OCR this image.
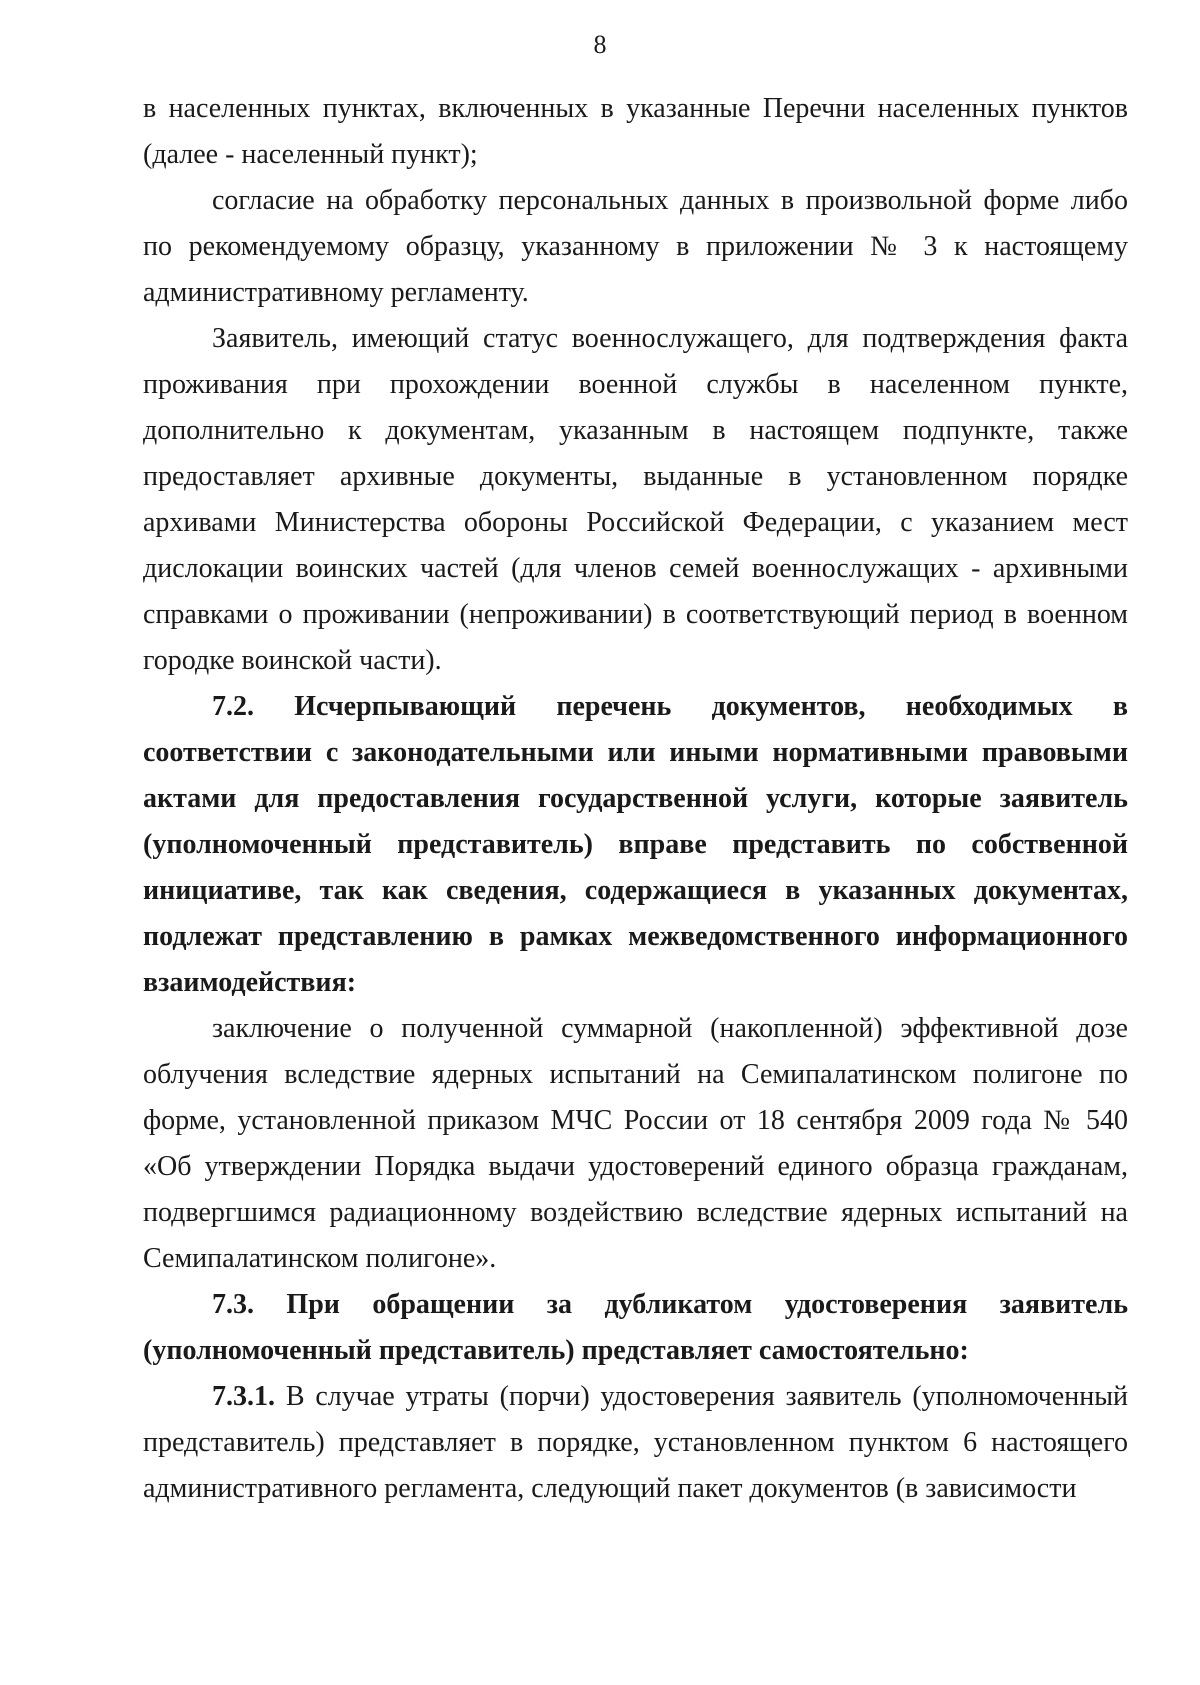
8

в населенных пунктах, включенных в указанные Перечни населенных пунктов (далее - населенный пункт);

согласие на обработку персональных данных в произвольной форме либо по рекомендуемому образцу, указанному в приложении № 3 к настоящему административному регламенту.

Заявитель, имеющий статус военнослужащего, для подтверждения факта проживания при прохождении военной службы в населенном пункте, дополнительно к документам, указанным в настоящем подпункте, также предоставляет архивные документы, выданные в установленном порядке архивами Министерства обороны Российской Федерации, с указанием мест дислокации воинских частей (для членов семей военнослужащих - архивными справками о проживании (непроживании) в соответствующий период в военном городке воинской части).

7.2. Исчерпывающий перечень документов, необходимых в соответствии с законодательными или иными нормативными правовыми актами для предоставления государственной услуги, которые заявитель (уполномоченный представитель) вправе представить по собственной инициативе, так как сведения, содержащиеся в указанных документах, подлежат представлению в рамках межведомственного информационного взаимодействия:

заключение о полученной суммарной (накопленной) эффективной дозе облучения вследствие ядерных испытаний на Семипалатинском полигоне по форме, установленной приказом МЧС России от 18 сентября 2009 года № 540 «Об утверждении Порядка выдачи удостоверений единого образца гражданам, подвергшимся радиационному воздействию вследствие ядерных испытаний на Семипалатинском полигоне».

7.3. При обращении за дубликатом удостоверения заявитель (уполномоченный представитель) представляет самостоятельно:

7.3.1. В случае утраты (порчи) удостоверения заявитель (уполномоченный представитель) представляет в порядке, установленном пунктом 6 настоящего административного регламента, следующий пакет документов (в зависимости
